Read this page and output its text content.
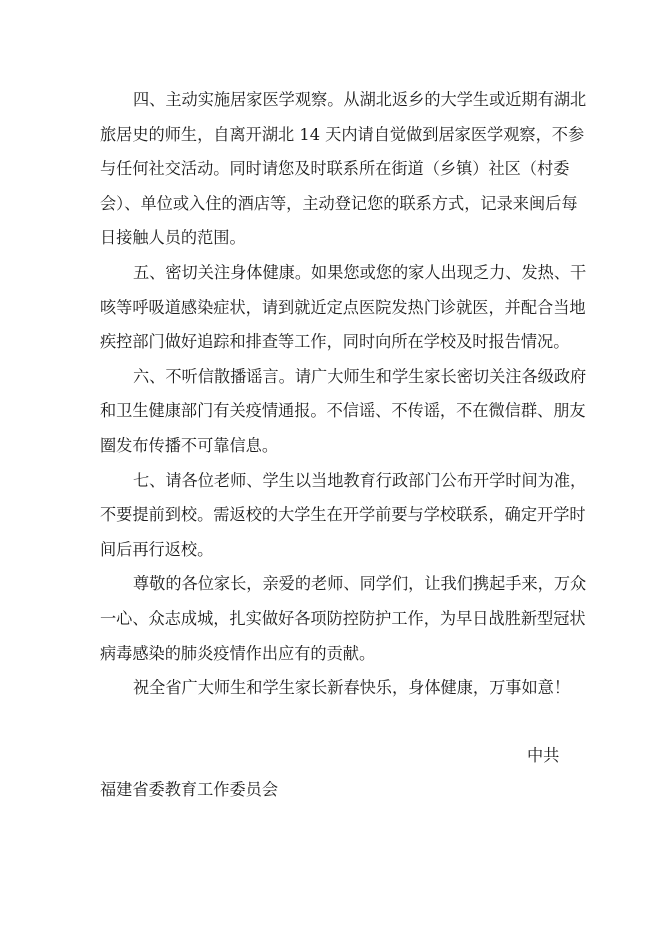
四、主动实施居家医学观察。从湖北返乡的大学生或近期有湖北
旅居史的师生，自离开湖北 14 天内请自觉做到居家医学观察，不参
与任何社交活动。同时请您及时联系所在街道（乡镇）社区（村委
会）、单位或入住的酒店等，主动登记您的联系方式，记录来闽后每
日接触人员的范围。
五、密切关注身体健康。如果您或您的家人出现乏力、发热、干
咳等呼吸道感染症状，请到就近定点医院发热门诊就医，并配合当地
疾控部门做好追踪和排查等工作，同时向所在学校及时报告情况。
六、不听信散播谣言。请广大师生和学生家长密切关注各级政府
和卫生健康部门有关疫情通报。不信谣、不传谣，不在微信群、朋友
圈发布传播不可靠信息。
七、请各位老师、学生以当地教育行政部门公布开学时间为准，
不要提前到校。需返校的大学生在开学前要与学校联系，确定开学时
间后再行返校。
尊敬的各位家长，亲爱的老师、同学们，让我们携起手来，万众
一心、众志成城，扎实做好各项防控防护工作，为早日战胜新型冠状
病毒感染的肺炎疫情作出应有的贡献。
祝全省广大师生和学生家长新春快乐，身体健康，万事如意！
中共
福建省委教育工作委员会
